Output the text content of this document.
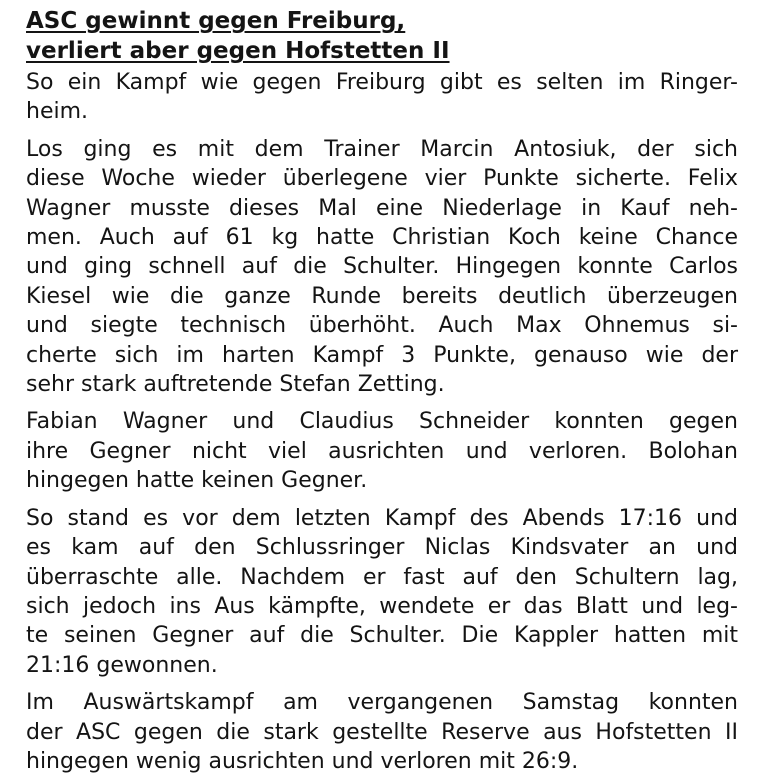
ASC gewinnt gegen Freiburg, verliert aber gegen Hofstetten II
So ein Kampf wie gegen Freiburg gibt es selten im Ringer-
heim.
Los ging es mit dem Trainer Marcin Antosiuk, der sich
diese Woche wieder überlegene vier Punkte sicherte. Felix
Wagner musste dieses Mal eine Niederlage in Kauf neh-
men. Auch auf 61 kg hatte Christian Koch keine Chance
und ging schnell auf die Schulter. Hingegen konnte Carlos
Kiesel wie die ganze Runde bereits deutlich überzeugen
und siegte technisch überhöht. Auch Max Ohnemus si-
cherte sich im harten Kampf 3 Punkte, genauso wie der
sehr stark auftretende Stefan Zetting.
Fabian Wagner und Claudius Schneider konnten gegen
ihre Gegner nicht viel ausrichten und verloren. Bolohan
hingegen hatte keinen Gegner.
So stand es vor dem letzten Kampf des Abends 17:16 und
es kam auf den Schlussringer Niclas Kindsvater an und
überraschte alle. Nachdem er fast auf den Schultern lag,
sich jedoch ins Aus kämpfte, wendete er das Blatt und leg-
te seinen Gegner auf die Schulter. Die Kappler hatten mit
21:16 gewonnen.
Im Auswärtskampf am vergangenen Samstag konnten
der ASC gegen die stark gestellte Reserve aus Hofstetten II
hingegen wenig ausrichten und verloren mit 26:9.
